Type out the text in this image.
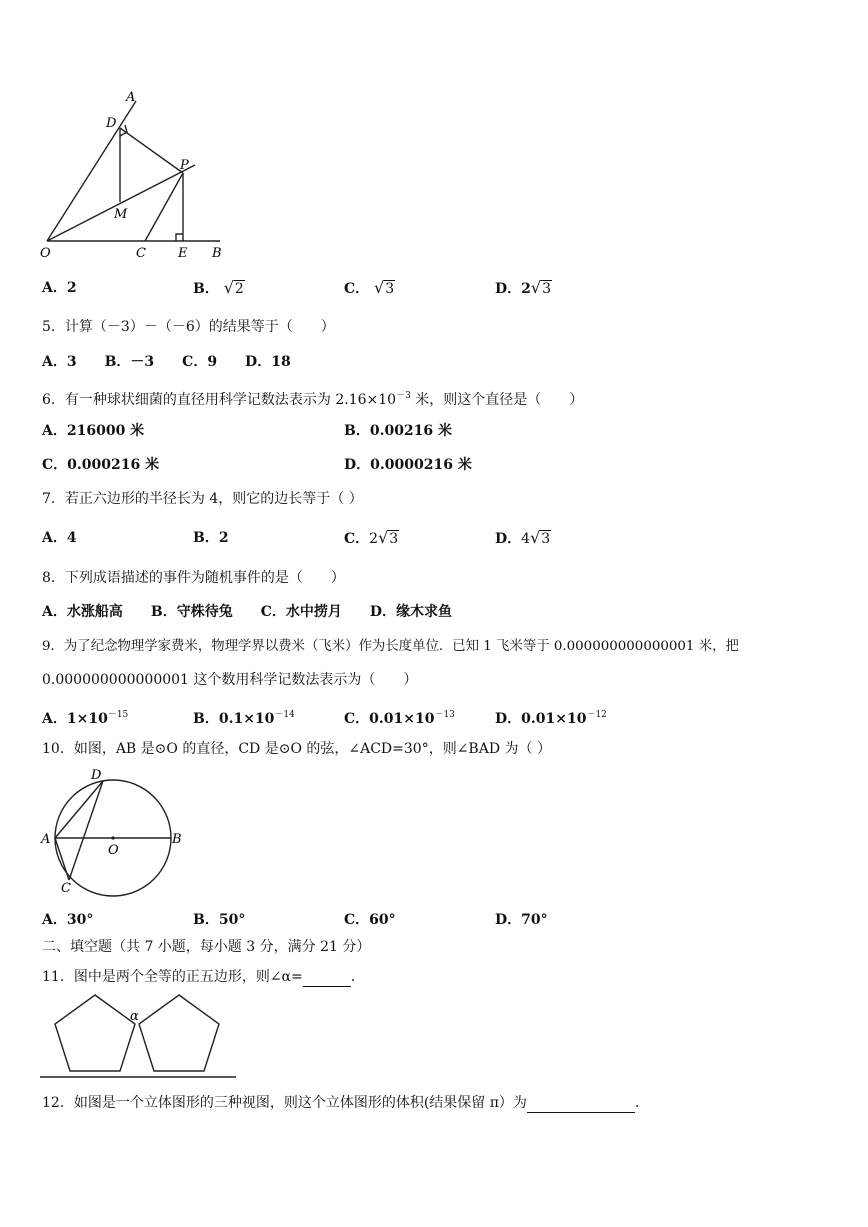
A
D
P
M
O	C E B
A．2	B． √2	C． √3	D．2√3
5．计算（－3）－（－6）的结果等于（　　）
A．3　　B．－3　　C．9　　D．18
6．有一种球状细菌的直径用科学记数法表示为 $2.16\times 10^{-3}$ 米，则这个直径是（　　）
A．216000 米	B．0.00216 米
C．0.000216 米	D．0.0000216 米
7．若正六边形的半径长为 4，则它的边长等于（ ）
A．4	B．2	C．2√3	D．4√3
8．下列成语描述的事件为随机事件的是（　　）
A．水涨船高　　B．守株待兔　　C．水中捞月　　D．缘木求鱼
9．为了纪念物理学家费米，物理学界以费米（飞米）作为长度单位．已知 1 飞米等于 0.000000000000001 米，把
0.000000000000001 这个数用科学记数法表示为（　　）
A．$1\times 10^{-15}$	B．$0.1\times 10^{-14}$	C．$0.01\times 10^{-13}$	D．$0.01\times 10^{-12}$
10．如图，AB 是⊙O 的直径，CD 是⊙O 的弦，∠ACD=30°，则∠BAD 为（ ）
D
A	B
O
C
A．30°	B．50°	C．60°	D．70°
二、填空题（共 7 小题，每小题 3 分，满分 21 分）
11．图中是两个全等的正五边形，则∠α=	.
α
12．如图是一个立体图形的三种视图，则这个立体图形的体积(结果保留 π）为	.
